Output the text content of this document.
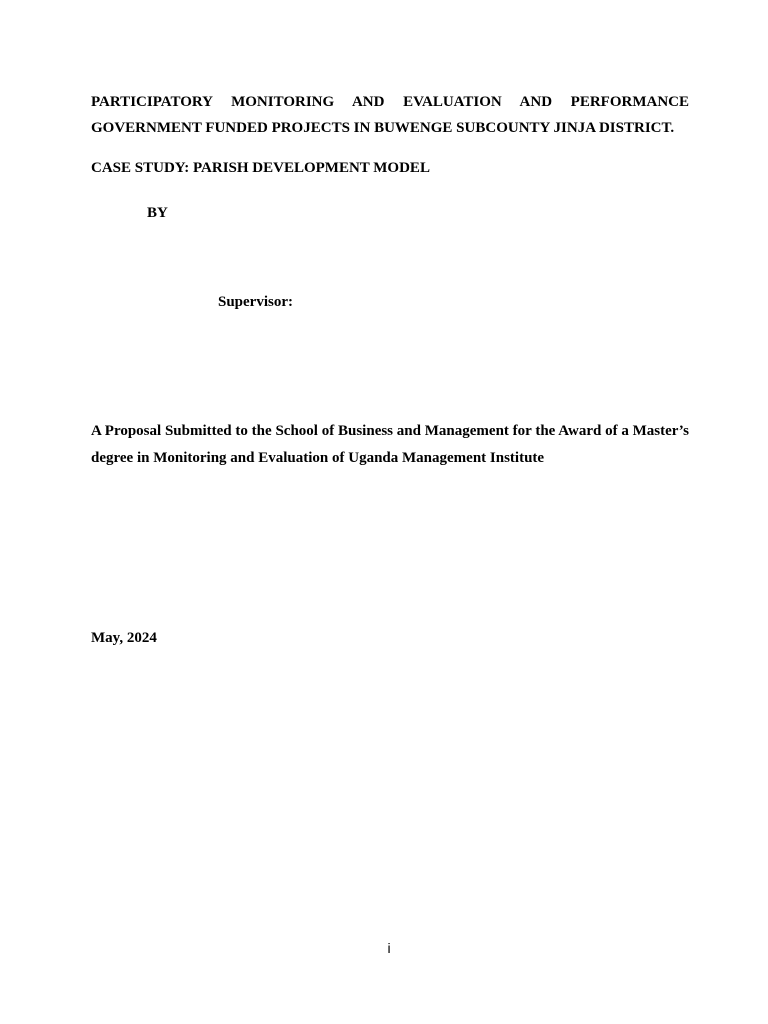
PARTICIPATORY MONITORING AND EVALUATION AND PERFORMANCE GOVERNMENT FUNDED PROJECTS IN BUWENGE SUBCOUNTY JINJA DISTRICT.
CASE STUDY: PARISH DEVELOPMENT MODEL
BY
Supervisor:
A Proposal Submitted to the School of Business and Management for the Award of a Master’s degree in Monitoring and Evaluation of Uganda Management Institute
May, 2024
i
